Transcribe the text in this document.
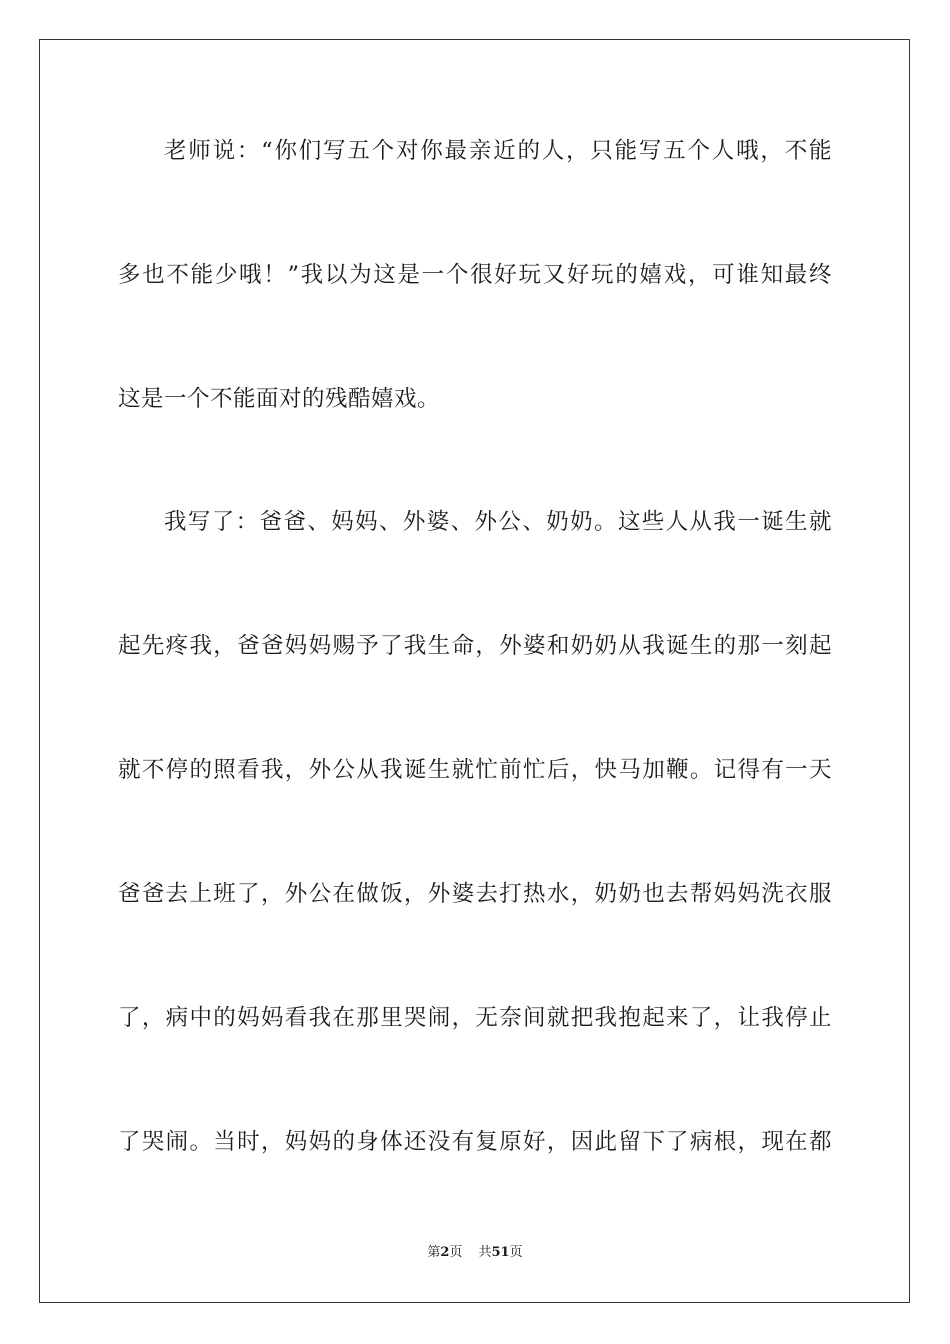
老师说：“你们写五个对你最亲近的人，只能写五个人哦，不能
多也不能少哦！”我以为这是一个很好玩又好玩的嬉戏，可谁知最终
这是一个不能面对的残酷嬉戏。
我写了：爸爸、妈妈、外婆、外公、奶奶。这些人从我一诞生就
起先疼我，爸爸妈妈赐予了我生命，外婆和奶奶从我诞生的那一刻起
就不停的照看我，外公从我诞生就忙前忙后，快马加鞭。记得有一天
爸爸去上班了，外公在做饭，外婆去打热水，奶奶也去帮妈妈洗衣服
了，病中的妈妈看我在那里哭闹，无奈间就把我抱起来了，让我停止
了哭闹。当时，妈妈的身体还没有复原好，因此留下了病根，现在都
第2页 共51页
